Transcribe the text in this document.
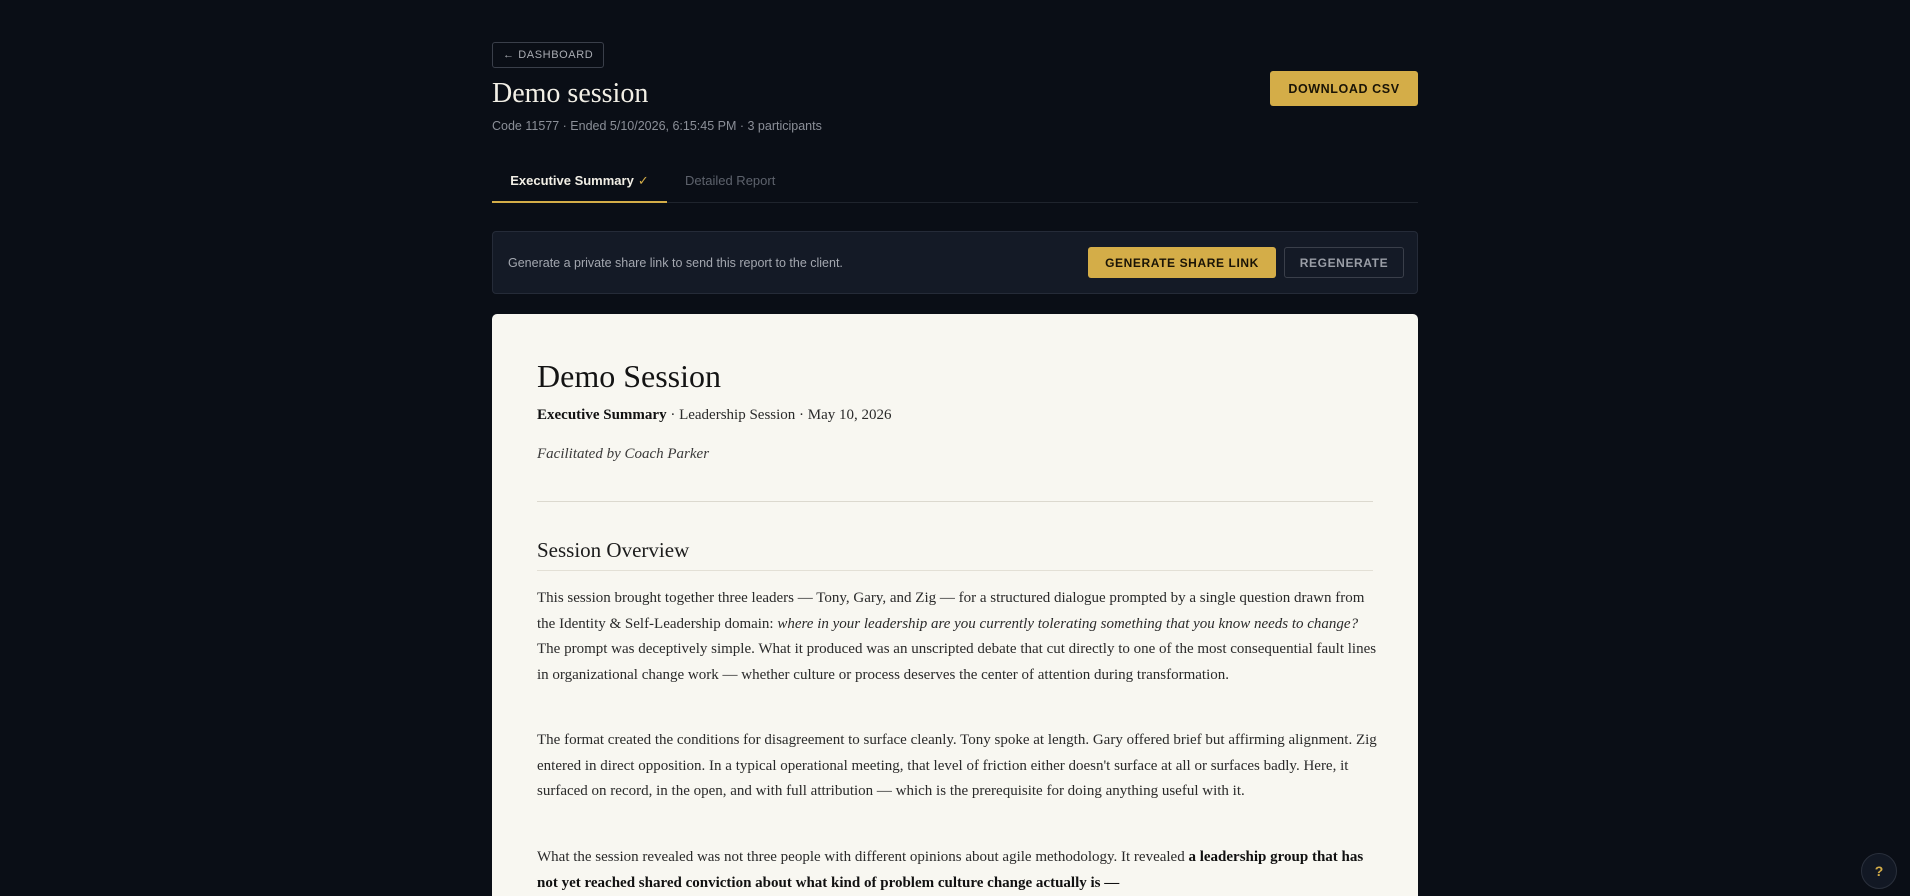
← DASHBOARD
Demo session
Code 11577 · Ended 5/10/2026, 6:15:45 PM · 3 participants
DOWNLOAD CSV
Executive Summary ✓	Detailed Report
Generate a private share link to send this report to the client.	GENERATE SHARE LINK	REGENERATE
Demo Session
Executive Summary · Leadership Session · May 10, 2026
Facilitated by Coach Parker
Session Overview

This session brought together three leaders — Tony, Gary, and Zig — for a structured dialogue prompted by a single question drawn from the Identity & Self-Leadership domain: where in your leadership are you currently tolerating something that you know needs to change? The prompt was deceptively simple. What it produced was an unscripted debate that cut directly to one of the most consequential fault lines in organizational change work — whether culture or process deserves the center of attention during transformation.

The format created the conditions for disagreement to surface cleanly. Tony spoke at length. Gary offered brief but affirming alignment. Zig entered in direct opposition. In a typical operational meeting, that level of friction either doesn't surface at all or surfaces badly. Here, it surfaced on record, in the open, and with full attribution — which is the prerequisite for doing anything useful with it.

What the session revealed was not three people with different opinions about agile methodology. It revealed a leadership group that has not yet reached shared conviction about what kind of problem culture change actually is —

?
